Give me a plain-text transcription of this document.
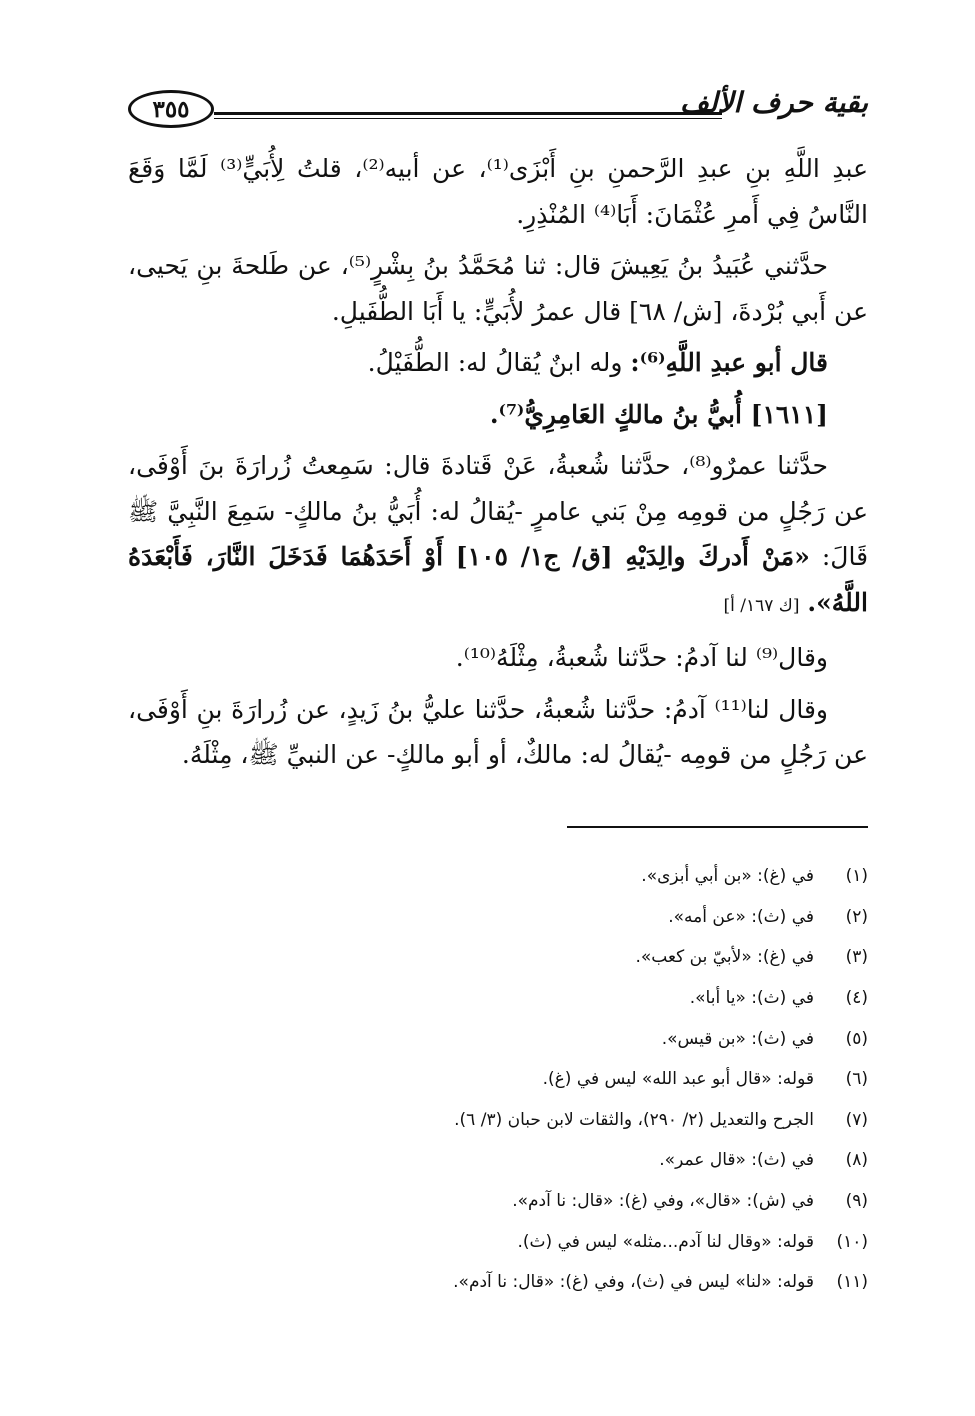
٣٥٥	بقية حرف الألف

عبدِ اللَّهِ بنِ عبدِ الرَّحمنِ بنِ أَبْزَى⁽¹⁾، عن أبيه⁽²⁾، قلتُ لِأُبَيٍّ⁽³⁾ لَمَّا وَقَعَ النَّاسُ فِي أَمرِ عُثْمَانَ: أَبَا⁽⁴⁾ المُنْذِرِ.

حدَّثني عُبَيدُ بنُ يَعِيشَ قال: ثنا مُحَمَّدُ بنُ بِشْرٍ⁽⁵⁾، عن طَلحةَ بنِ يَحيى، عن أَبي بُرْدةَ، [ش/ ٦٨] قال عمرُ لأُبَيٍّ: يا أَبَا الطُّفَيلِ.

قال أبو عبدِ اللَّهِ⁽⁶⁾: وله ابنٌ يُقالُ له: الطُّفَيْلُ.

[١٦١١] أُبيُّ بنُ مالكٍ العَامِرِيُّ⁽⁷⁾.

حدَّثنا عمرٌو⁽⁸⁾، حدَّثنا شُعبةُ، عَنْ قَتادةَ قال: سَمِعتُ زُرارَةَ بنَ أَوْفَى، عن رَجُلٍ من قومِه مِنْ بَني عامرٍ -يُقالُ له: أُبَيُّ بنُ مالكٍ- سَمِعَ النَّبِيَّ ﷺ قَالَ: «مَنْ أَدركَ والِدَيْهِ [ق/ ج١/ ١٠٥] أَوْ أَحَدَهُمَا فَدَخَلَ النَّارَ، فَأَبْعَدَهُ اللَّهُ». [ك ١٦٧/ أ]

وقال⁽⁹⁾ لنا آدمُ: حدَّثنا شُعبةُ، مِثْلَهُ⁽¹⁰⁾.

وقال لنا⁽¹¹⁾ آدمُ: حدَّثنا شُعبةُ، حدَّثنا عليُّ بنُ زَيدٍ، عن زُرارَةَ بنِ أَوْفَى، عن رَجُلٍ من قومِه -يُقالُ له: مالكٌ، أو أبو مالكٍ- عن النبيِّ ﷺ، مِثْلَهُ.

(١)
في (غ): «بن أبي أبزى».
(٢)
في (ث): «عن أمه».
(٣)
في (غ): «لأبيّ بن كعب».
(٤)
في (ث): «يا أبا».
(٥)
في (ث): «بن قيس».
(٦)
قوله: «قال أبو عبد الله» ليس في (غ).
(٧)
الجرح والتعديل (٢/ ٢٩٠)، والثقات لابن حبان (٣/ ٦).
(٨)
في (ث): «قال عمر».
(٩)
في (ش): «قال»، وفي (غ): «قال: نا آدم».
(١٠)
قوله: «وقال لنا آدم...مثله» ليس في (ث).
(١١)
قوله: «لنا» ليس في (ث)، وفي (غ): «قال: نا آدم».
